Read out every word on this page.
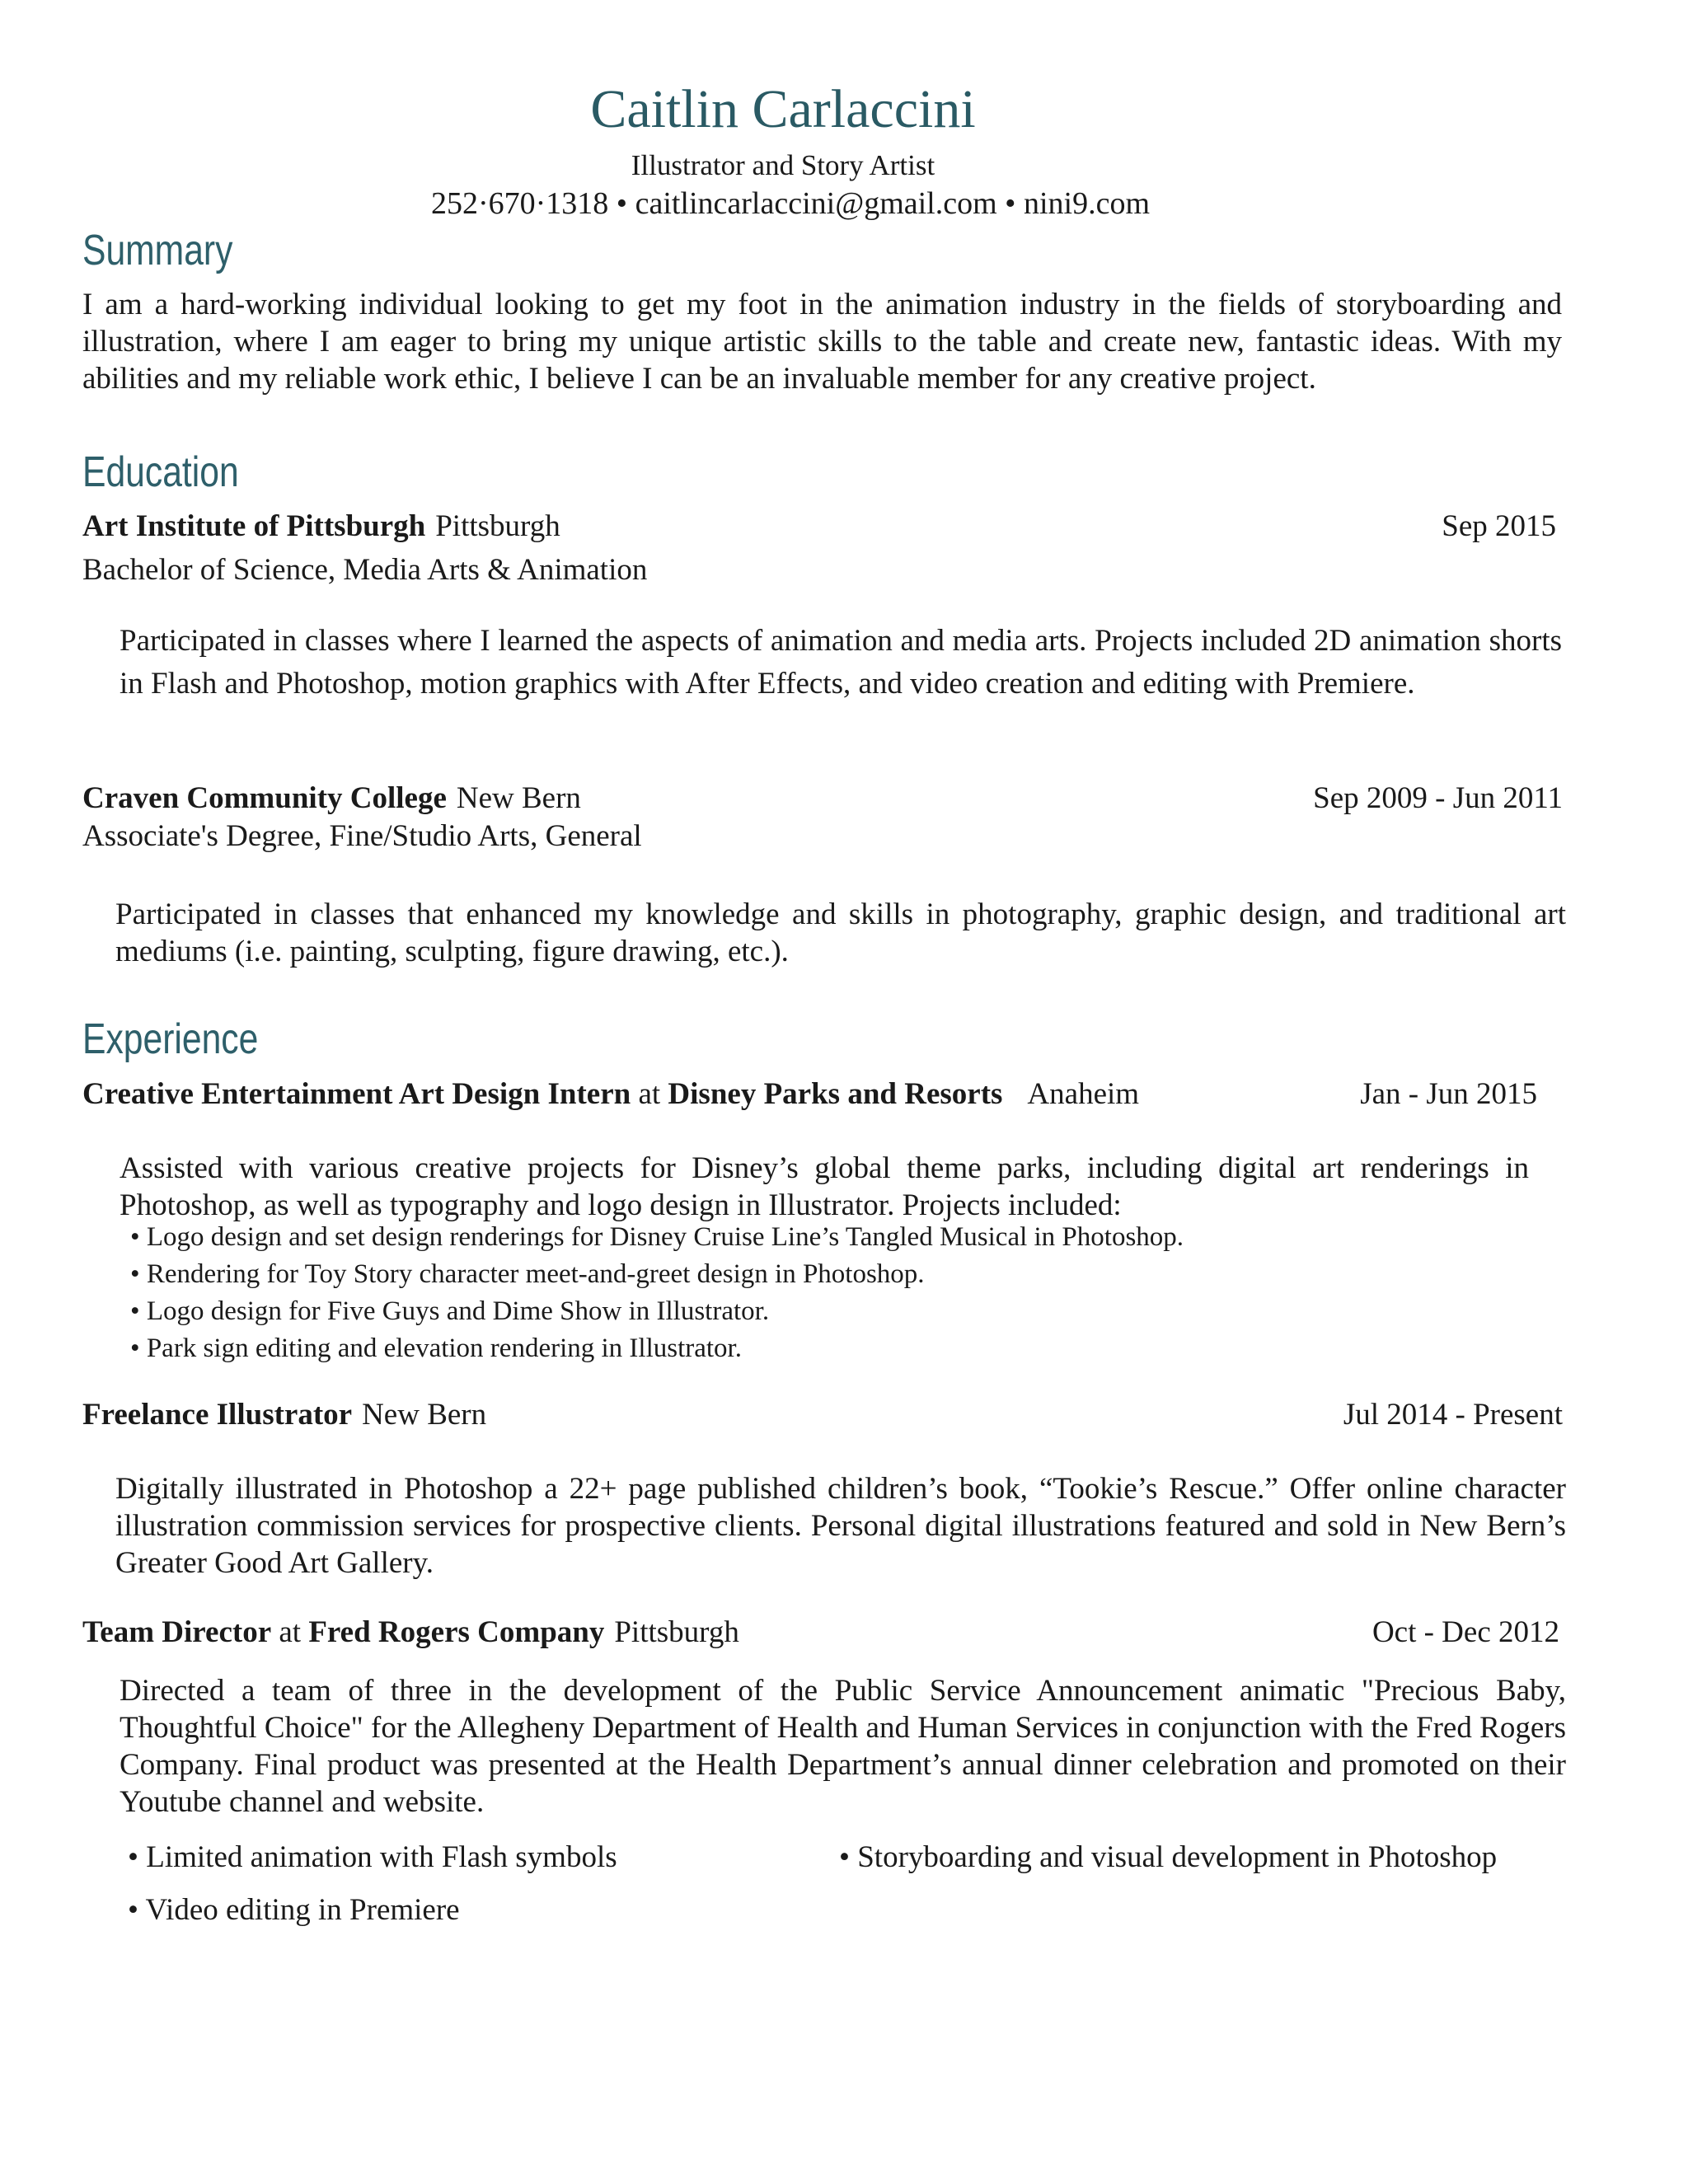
Caitlin Carlaccini
Illustrator and Story Artist
252·670·1318 • caitlincarlaccini@gmail.com • nini9.com
Summary
I am a hard-working individual looking to get my foot in the animation industry in the fields of storyboarding and illustration, where I am eager to bring my unique artistic skills to the table and create new, fantastic ideas. With my abilities and my reliable work ethic, I believe I can be an invaluable member for any creative project.
Education
Art Institute of Pittsburgh Pittsburgh	Sep 2015
Bachelor of Science, Media Arts & Animation
Participated in classes where I learned the aspects of animation and media arts. Projects included 2D animation shorts in Flash and Photoshop, motion graphics with After Effects, and video creation and editing with Premiere.
Craven Community College New Bern	Sep 2009 - Jun 2011
Associate's Degree, Fine/Studio Arts, General
Participated in classes that enhanced my knowledge and skills in photography, graphic design, and traditional art mediums (i.e. painting, sculpting, figure drawing, etc.).
Experience
Creative Entertainment Art Design Intern at Disney Parks and Resorts Anaheim	Jan - Jun 2015
Assisted with various creative projects for Disney’s global theme parks, including digital art renderings in Photoshop, as well as typography and logo design in Illustrator. Projects included:
• Logo design and set design renderings for Disney Cruise Line’s Tangled Musical in Photoshop.
• Rendering for Toy Story character meet-and-greet design in Photoshop.
• Logo design for Five Guys and Dime Show in Illustrator.
• Park sign editing and elevation rendering in Illustrator.
Freelance Illustrator New Bern	Jul 2014 - Present
Digitally illustrated in Photoshop a 22+ page published children’s book, “Tookie’s Rescue.” Offer online character illustration commission services for prospective clients. Personal digital illustrations featured and sold in New Bern’s Greater Good Art Gallery.
Team Director at Fred Rogers Company Pittsburgh	Oct - Dec 2012
Directed a team of three in the development of the Public Service Announcement animatic "Precious Baby, Thoughtful Choice" for the Allegheny Department of Health and Human Services in conjunction with the Fred Rogers Company. Final product was presented at the Health Department’s annual dinner celebration and promoted on their Youtube channel and website.
• Limited animation with Flash symbols
•	Storyboarding and visual development in Photoshop
• Video editing in Premiere
